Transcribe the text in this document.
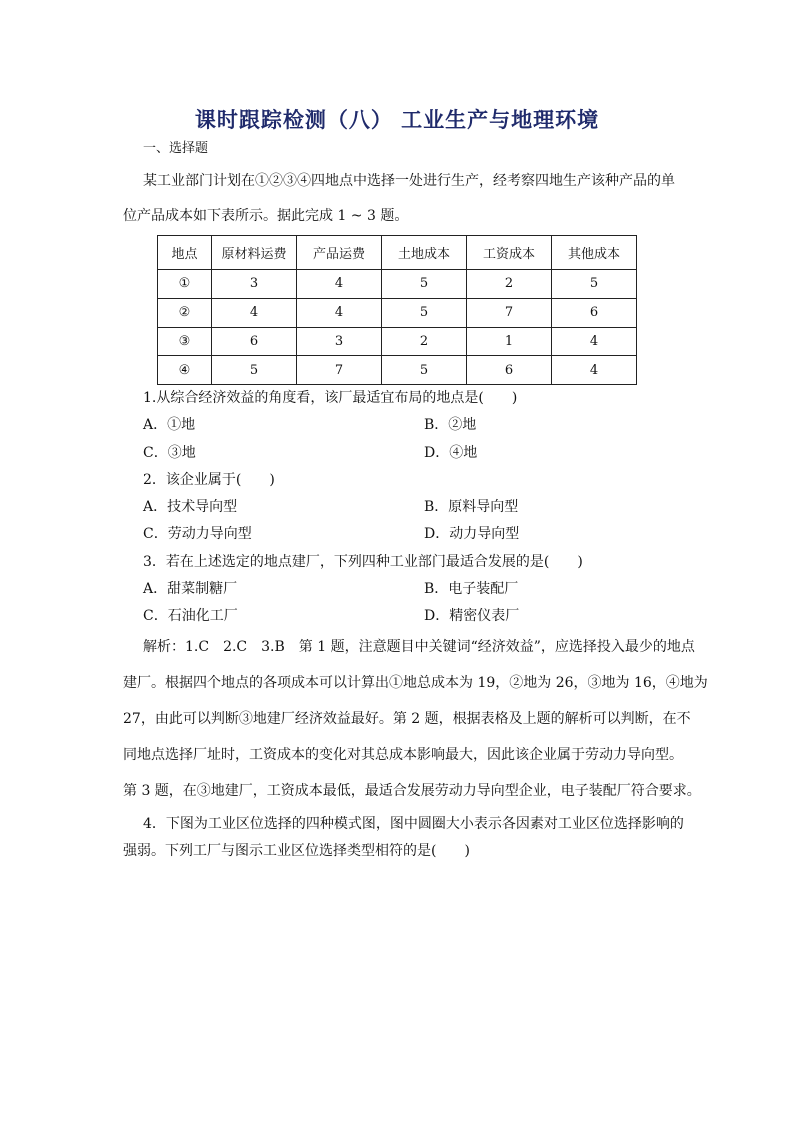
课时跟踪检测（八） 工业生产与地理环境
一、选择题
某工业部门计划在①②③④四地点中选择一处进行生产，经考察四地生产该种产品的单
位产品成本如下表所示。据此完成 1 ~ 3 题。
地点	原材料运费	产品运费	土地成本	工资成本	其他成本
①	3	4	5	2	5
②	4	4	5	7	6
③	6	3	2	1	4
④	5	7	5	6	4
1.从综合经济效益的角度看，该厂最适宜布局的地点是(　　)
A．①地	B．②地
C．③地	D．④地
2．该企业属于(　　)
A．技术导向型	B．原料导向型
C．劳动力导向型	D．动力导向型
3．若在上述选定的地点建厂，下列四种工业部门最适合发展的是(　　)
A．甜菜制糖厂	B．电子装配厂
C．石油化工厂	D．精密仪表厂
解析：1.C　2.C　3.B　第 1 题，注意题目中关键词“经济效益”，应选择投入最少的地点
建厂。根据四个地点的各项成本可以计算出①地总成本为 19，②地为 26，③地为 16，④地为
27，由此可以判断③地建厂经济效益最好。第 2 题，根据表格及上题的解析可以判断，在不
同地点选择厂址时，工资成本的变化对其总成本影响最大，因此该企业属于劳动力导向型。
第 3 题，在③地建厂，工资成本最低，最适合发展劳动力导向型企业，电子装配厂符合要求。
4．下图为工业区位选择的四种模式图，图中圆圈大小表示各因素对工业区位选择影响的
强弱。下列工厂与图示工业区位选择类型相符的是(　　)
